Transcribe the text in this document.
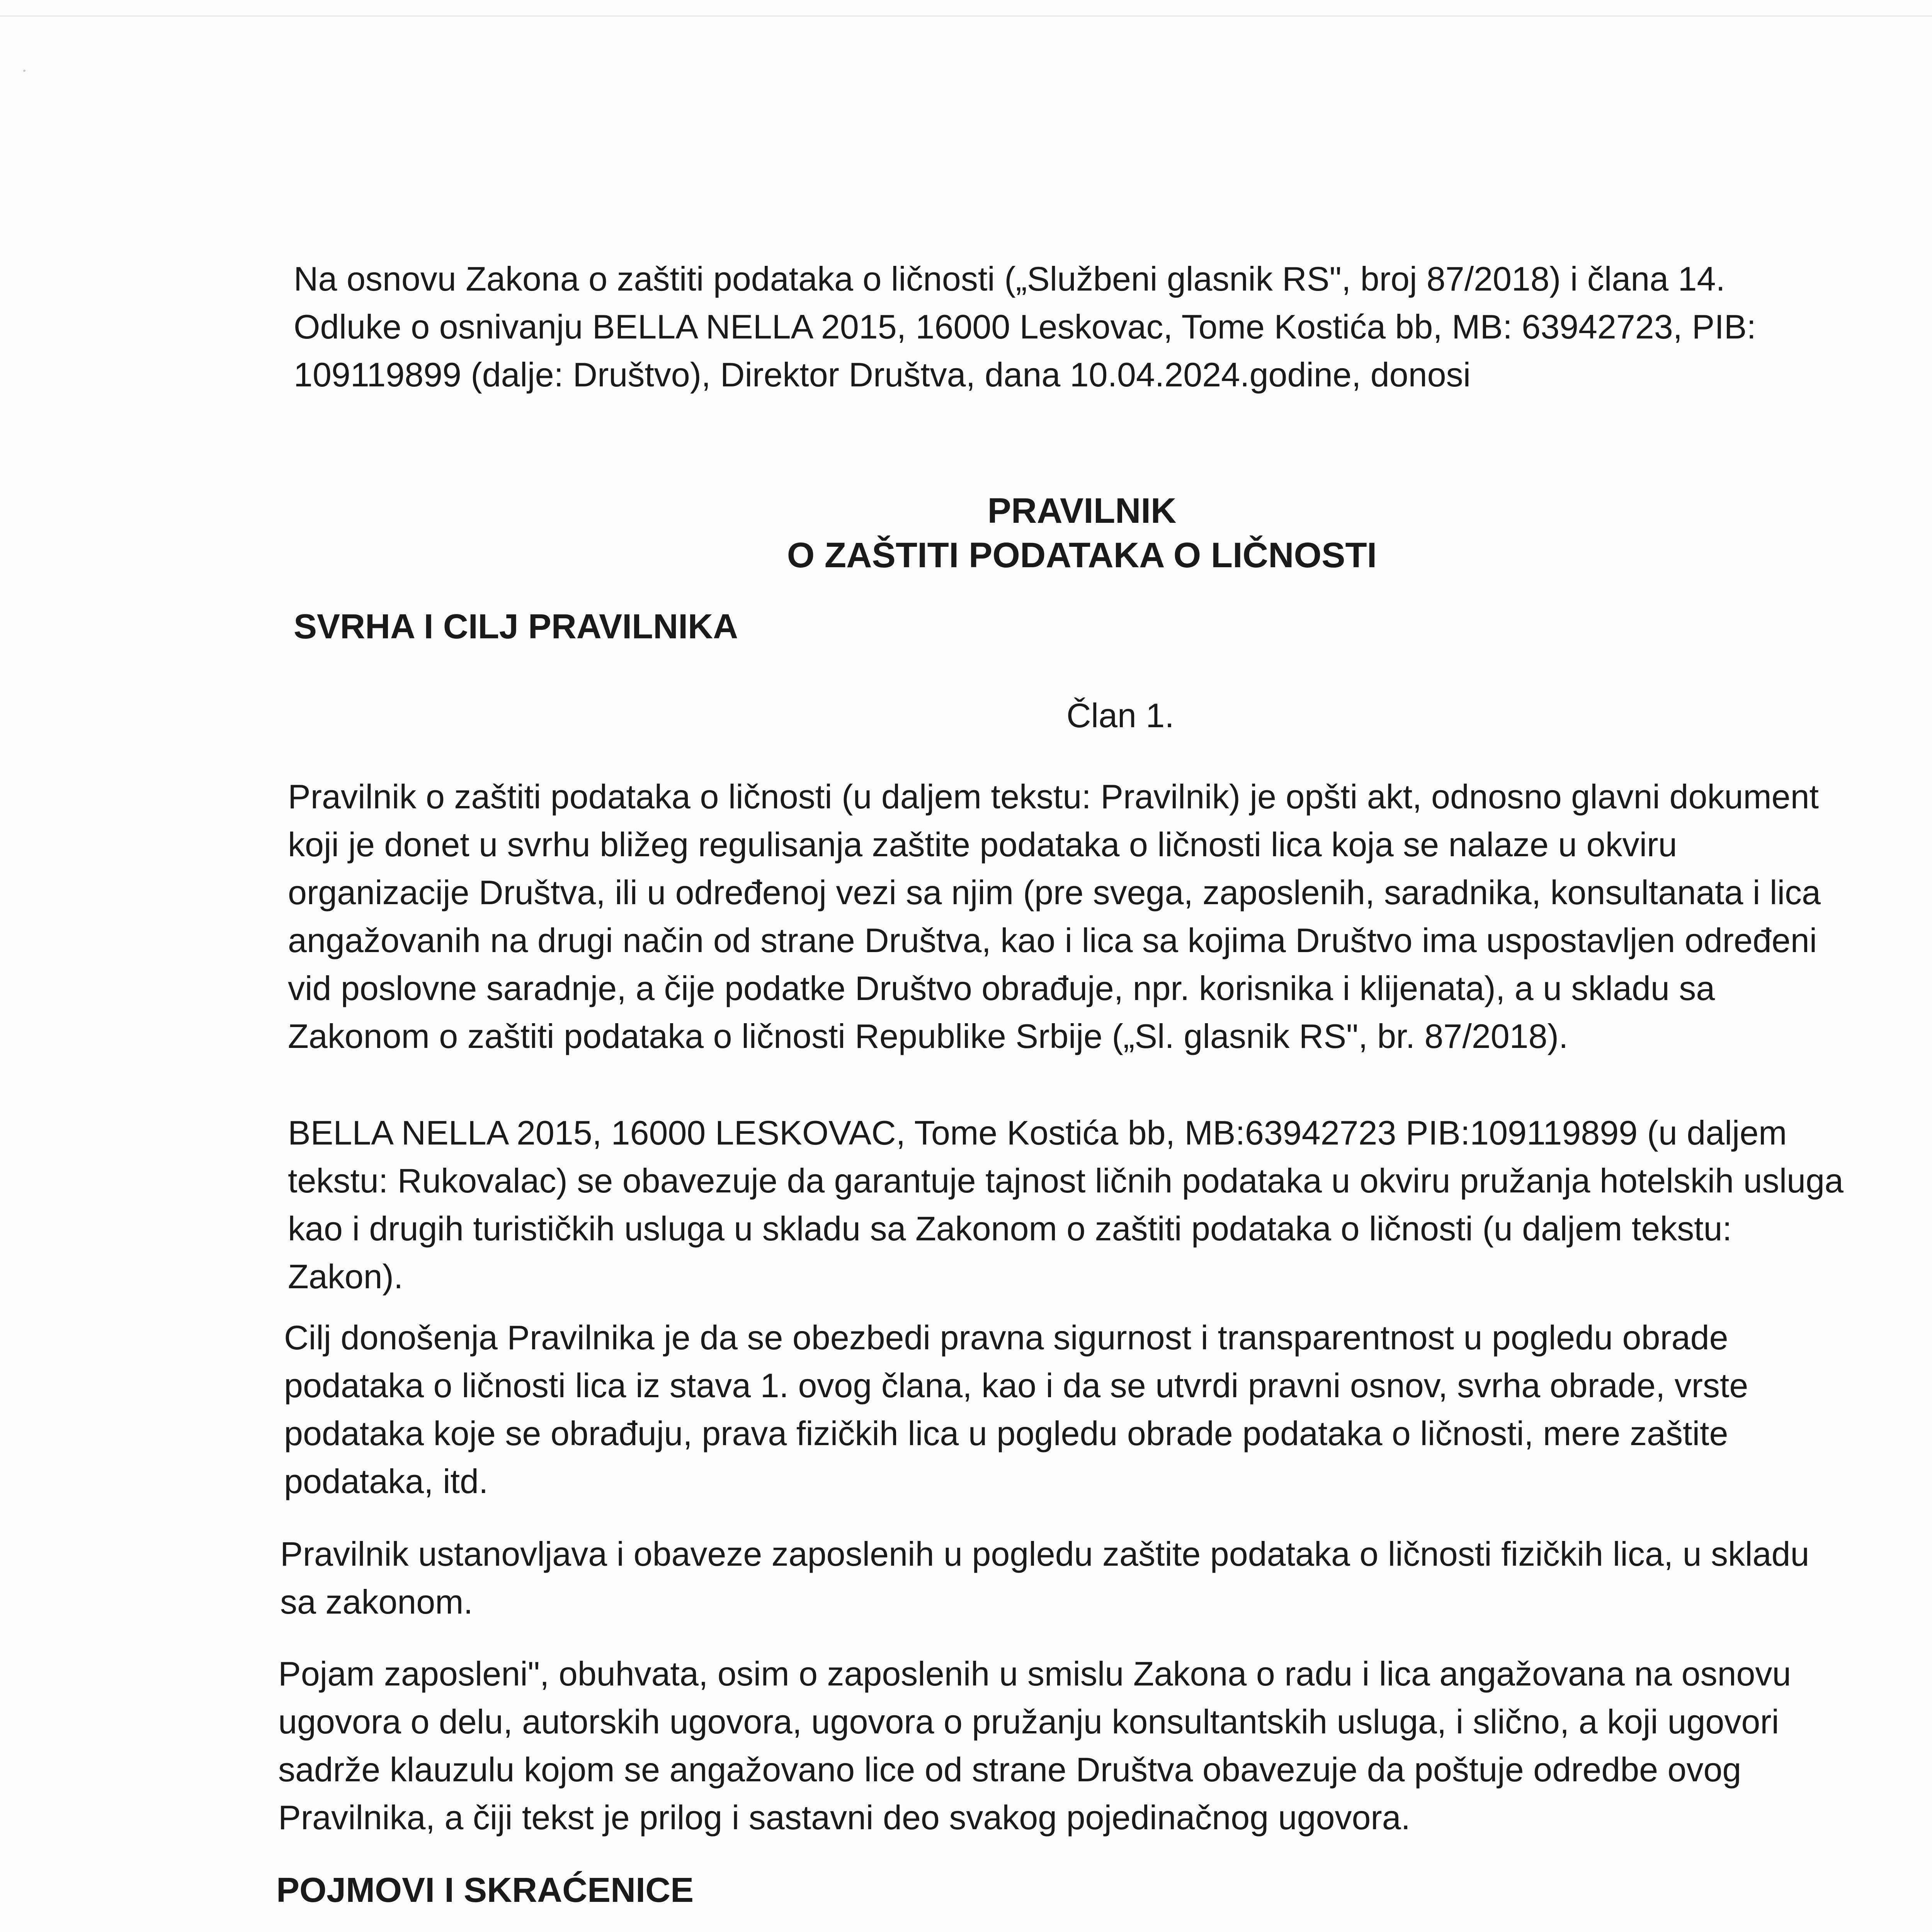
Na osnovu Zakona o zaštiti podataka o ličnosti („Službeni glasnik RS", broj 87/2018) i člana 14. Odluke o osnivanju BELLA NELLA 2015, 16000 Leskovac, Tome Kostića bb, MB: 63942723, PIB: 109119899 (dalje: Društvo), Direktor Društva, dana 10.04.2024.godine, donosi
PRAVILNIK
O ZAŠTITI PODATAKA O LIČNOSTI
SVRHA I CILJ PRAVILNIKA
Član 1.
Pravilnik o zaštiti podataka o ličnosti (u daljem tekstu: Pravilnik) je opšti akt, odnosno glavni dokument koji je donet u svrhu bližeg regulisanja zaštite podataka o ličnosti lica koja se nalaze u okviru organizacije Društva, ili u određenoj vezi sa njim (pre svega, zaposlenih, saradnika, konsultanata i lica angažovanih na drugi način od strane Društva, kao i lica sa kojima Društvo ima uspostavljen određeni vid poslovne saradnje, a čije podatke Društvo obrađuje, npr. korisnika i klijenata), a u skladu sa Zakonom o zaštiti podataka o ličnosti Republike Srbije („Sl. glasnik RS", br. 87/2018).
BELLA NELLA 2015, 16000 LESKOVAC, Tome Kostića bb, MB:63942723 PIB:109119899 (u daljem tekstu: Rukovalac) se obavezuje da garantuje tajnost ličnih podataka u okviru pružanja hotelskih usluga kao i drugih turističkih usluga u skladu sa Zakonom o zaštiti podataka o ličnosti (u daljem tekstu: Zakon).
Cilj donošenja Pravilnika je da se obezbedi pravna sigurnost i transparentnost u pogledu obrade podataka o ličnosti lica iz stava 1. ovog člana, kao i da se utvrdi pravni osnov, svrha obrade, vrste podataka koje se obrađuju, prava fizičkih lica u pogledu obrade podataka o ličnosti, mere zaštite podataka, itd.
Pravilnik ustanovljava i obaveze zaposlenih u pogledu zaštite podataka o ličnosti fizičkih lica, u skladu sa zakonom.
Pojam zaposleni", obuhvata, osim o zaposlenih u smislu Zakona o radu i lica angažovana na osnovu ugovora o delu, autorskih ugovora, ugovora o pružanju konsultantskih usluga, i slično, a koji ugovori sadrže klauzulu kojom se angažovano lice od strane Društva obavezuje da poštuje odredbe ovog Pravilnika, a čiji tekst je prilog i sastavni deo svakog pojedinačnog ugovora.
POJMOVI I SKRAĆENICE
